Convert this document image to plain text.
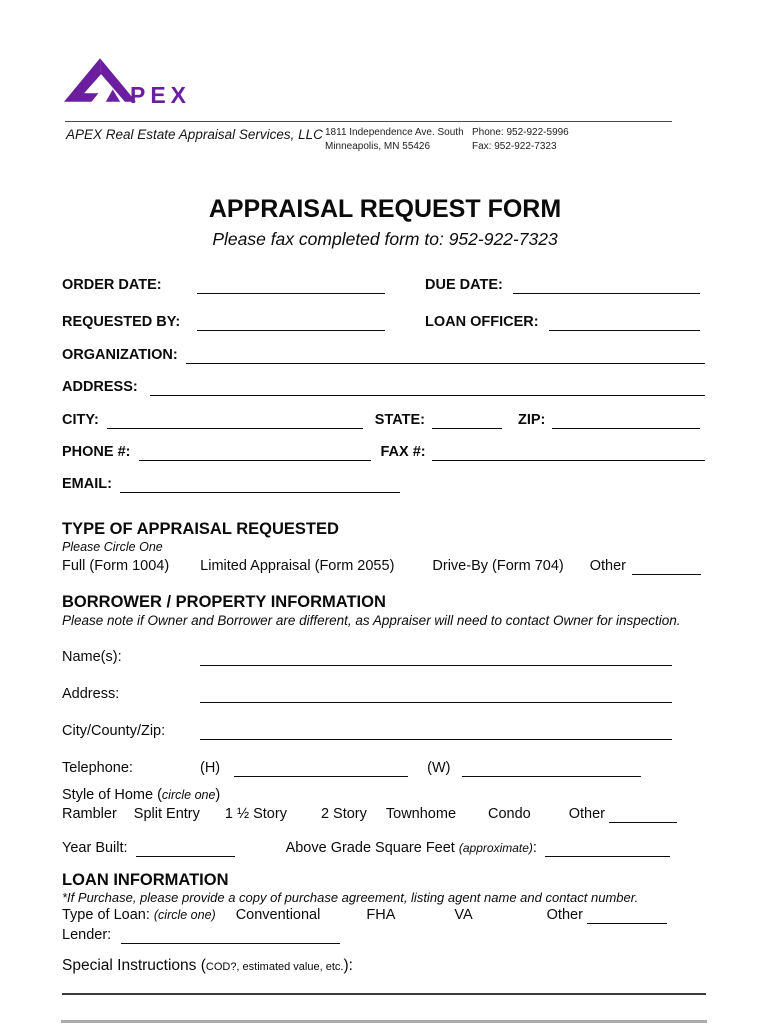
PEX
APEX Real Estate Appraisal Services, LLC 1811 Independence Ave. South
Minneapolis, MN 55426
Phone: 952-922-5996
Fax: 952-922-7323
APPRAISAL REQUEST FORM
Please fax completed form to: 952-922-7323
ORDER DATE:	DUE DATE:
REQUESTED BY:	LOAN OFFICER:
ORGANIZATION:
ADDRESS:
CITY:	STATE:	ZIP:
PHONE #:	FAX #:
EMAIL:
TYPE OF APPRAISAL REQUESTED
Please Circle One
Full (Form 1004) Limited Appraisal (Form 2055)	Drive-By (Form 704) Other
BORROWER / PROPERTY INFORMATION
Please note if Owner and Borrower are different, as Appraiser will need to contact Owner for inspection.
Name(s):
Address:
City/County/Zip:
Telephone:	(H)	(W)
Style of Home (circle one)
Rambler Split Entry 1 ½ Story 2 Story Townhome Condo	Other
Year Built:	Above Grade Square Feet (approximate):
LOAN INFORMATION
*If Purchase, please provide a copy of purchase agreement, listing agent name and contact number.
Type of Loan: (circle one) Conventional	FHA	VA	Other
Lender:
Special Instructions (COD?, estimated value, etc.):
